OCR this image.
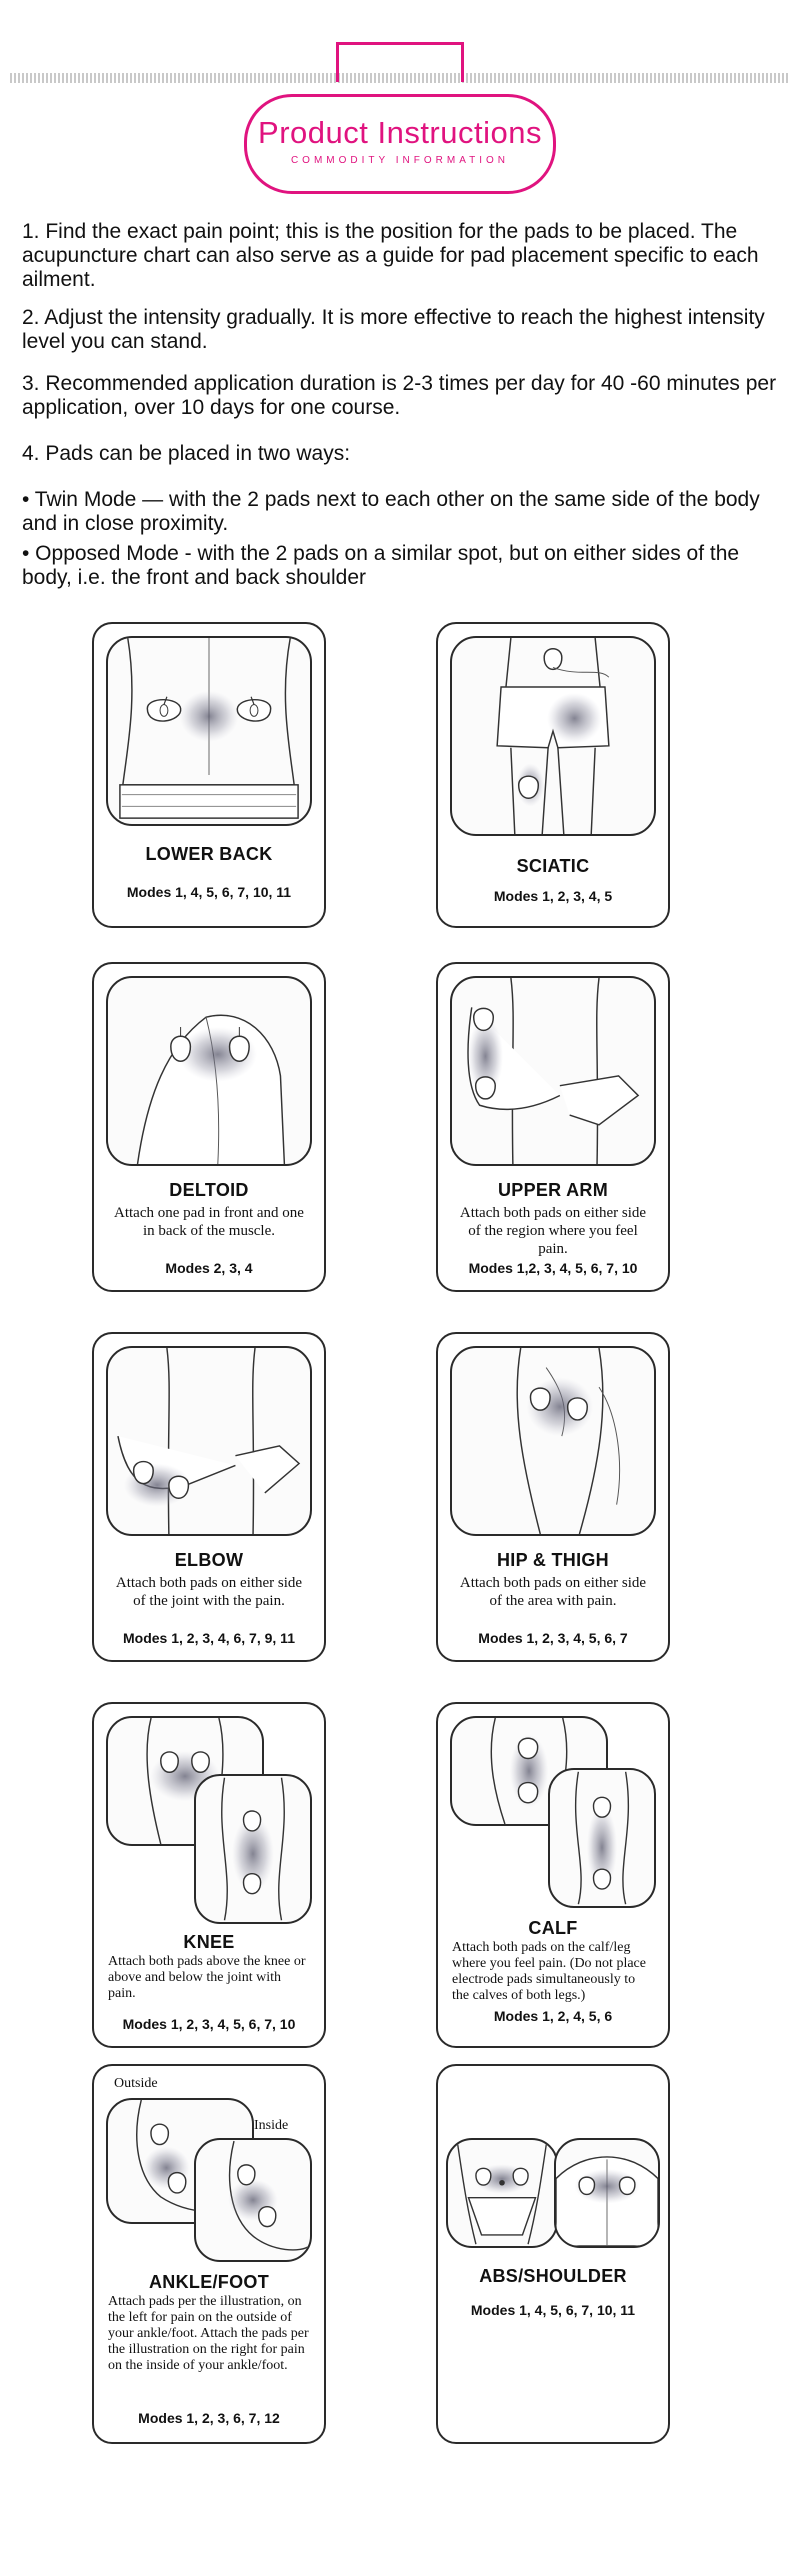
Product Instructions
COMMODITY INFORMATION

1. Find the exact pain point; this is the position for the pads to be placed. The acupuncture chart can also serve as a guide for pad placement specific to each ailment.

2. Adjust the intensity gradually. It is more effective to reach the highest intensity level you can stand.

3. Recommended application duration is 2-3 times per day for 40 -60 minutes per application, over 10 days for one course.

4. Pads can be placed in two ways:

• Twin Mode — with the 2 pads next to each other on the same side of the body and in close proximity.

• Opposed Mode - with the 2 pads on a similar spot, but on either sides of the body, i.e. the front and back shoulder

LOWER BACK
Modes 1, 4, 5, 6, 7, 10, 11
SCIATIC
Modes 1, 2, 3, 4, 5
DELTOID
Attach one pad in front and one in back of the muscle.
Modes 2, 3, 4
UPPER ARM
Attach both pads on either side of the region where you feel pain.
Modes 1,2, 3, 4, 5, 6, 7, 10
ELBOW
Attach both pads on either side of the joint with the pain.
Modes 1, 2, 3, 4, 6, 7, 9, 11
HIP & THIGH
Attach both pads on either side of the area with pain.
Modes 1, 2, 3, 4, 5, 6, 7
KNEE
Attach both pads above the knee or above and below the joint with pain.
Modes 1, 2, 3, 4, 5, 6, 7, 10
CALF
Attach both pads on the calf/leg where you feel pain. (Do not place electrode pads simultaneously to the calves of both legs.)
Modes 1, 2, 4, 5, 6
Outside
Inside
ANKLE/FOOT
Attach pads per the illustration, on the left for pain on the outside of your ankle/foot. Attach the pads per the illustration on the right for pain on the inside of your ankle/foot.
Modes 1, 2, 3, 6, 7, 12
ABS/SHOULDER
Modes 1, 4, 5, 6, 7, 10, 11
